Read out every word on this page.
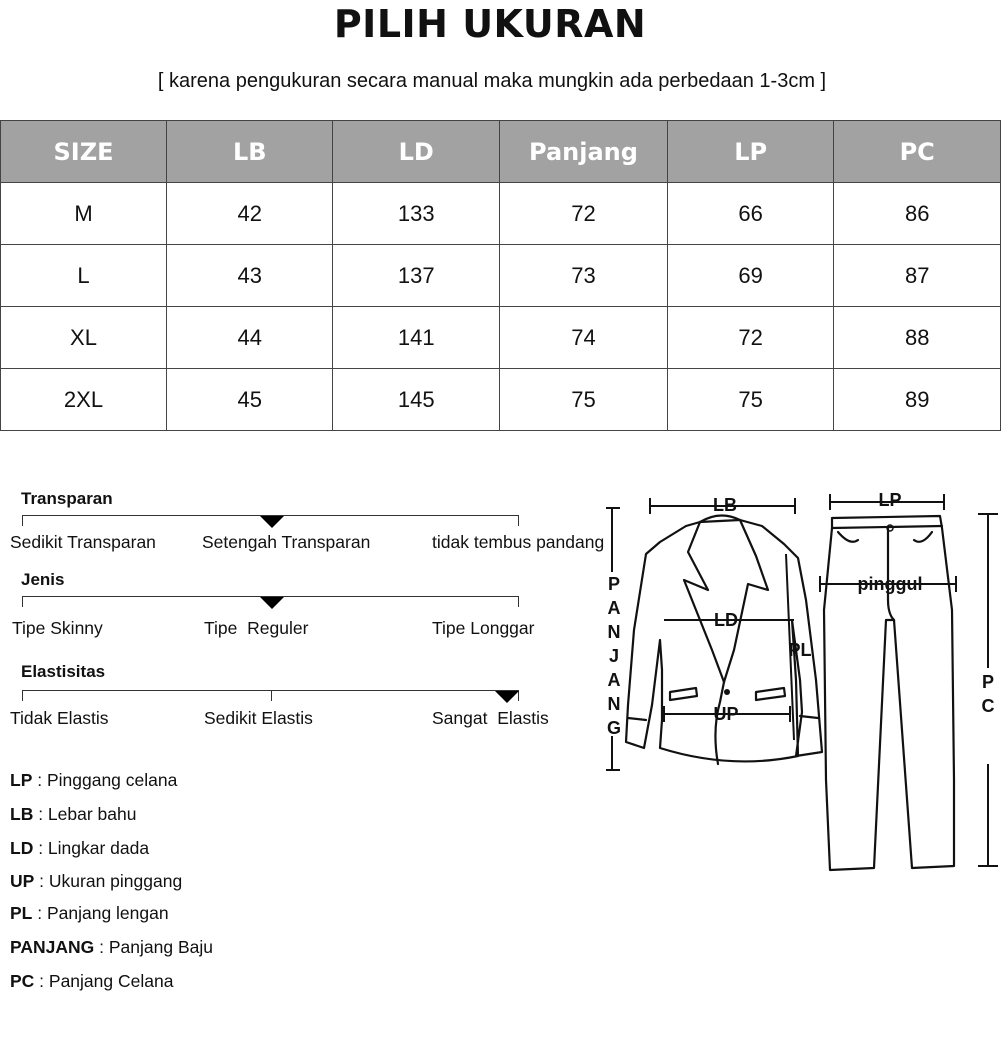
PILIH UKURAN
[ karena pengukuran secara manual maka mungkin ada perbedaan 1-3cm ]
SIZE	LB	LD	Panjang	LP	PC
M	42	133	72	66	86
L	43	137	73	69	87
XL	44	141	74	72	88
2XL	45	145	75	75	89
Transparan
Sedikit Transparan	Setengah Transparan	tidak tembus pandang
Jenis
Tipe Skinny	Tipe  Reguler	Tipe Longgar
Elastisitas
Tidak Elastis	Sedikit Elastis	Sangat  Elastis
LP : Pinggang celana
LB : Lebar bahu
LD : Lingkar dada
UP : Ukuran pinggang
PL : Panjang lengan
PANJANG : Panjang Baju
PC : Panjang Celana
LB	LP
pinggul
LD
UP
PL
P
A
N
J
A
N
G
P
C
